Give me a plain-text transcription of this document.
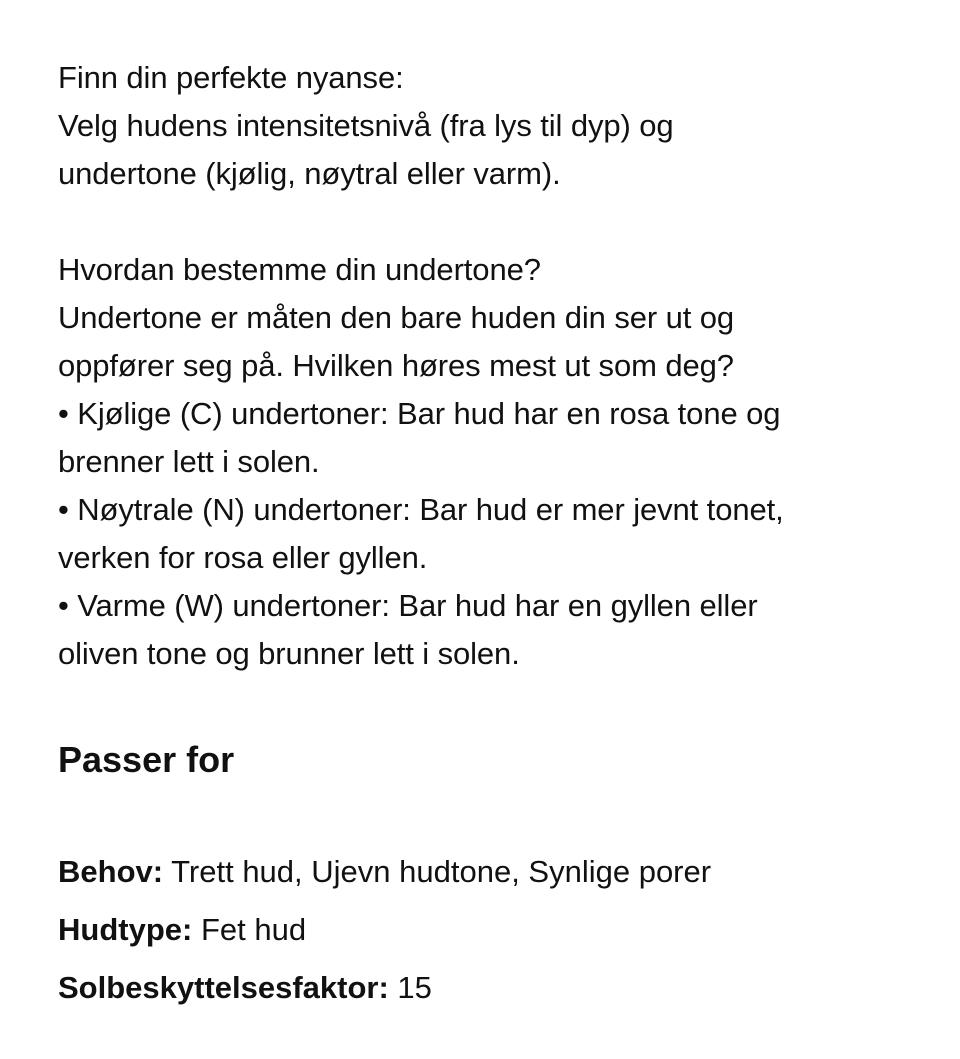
Finn din perfekte nyanse:
Velg hudens intensitetsnivå (fra lys til dyp) og
undertone (kjølig, nøytral eller varm).
Hvordan bestemme din undertone?
Undertone er måten den bare huden din ser ut og
oppfører seg på. Hvilken høres mest ut som deg?
• Kjølige (C) undertoner: Bar hud har en rosa tone og
brenner lett i solen.
• Nøytrale (N) undertoner: Bar hud er mer jevnt tonet,
verken for rosa eller gyllen.
• Varme (W) undertoner: Bar hud har en gyllen eller
oliven tone og brunner lett i solen.
Passer for
Behov: Trett hud, Ujevn hudtone, Synlige porer
Hudtype: Fet hud
Solbeskyttelsesfaktor: 15
